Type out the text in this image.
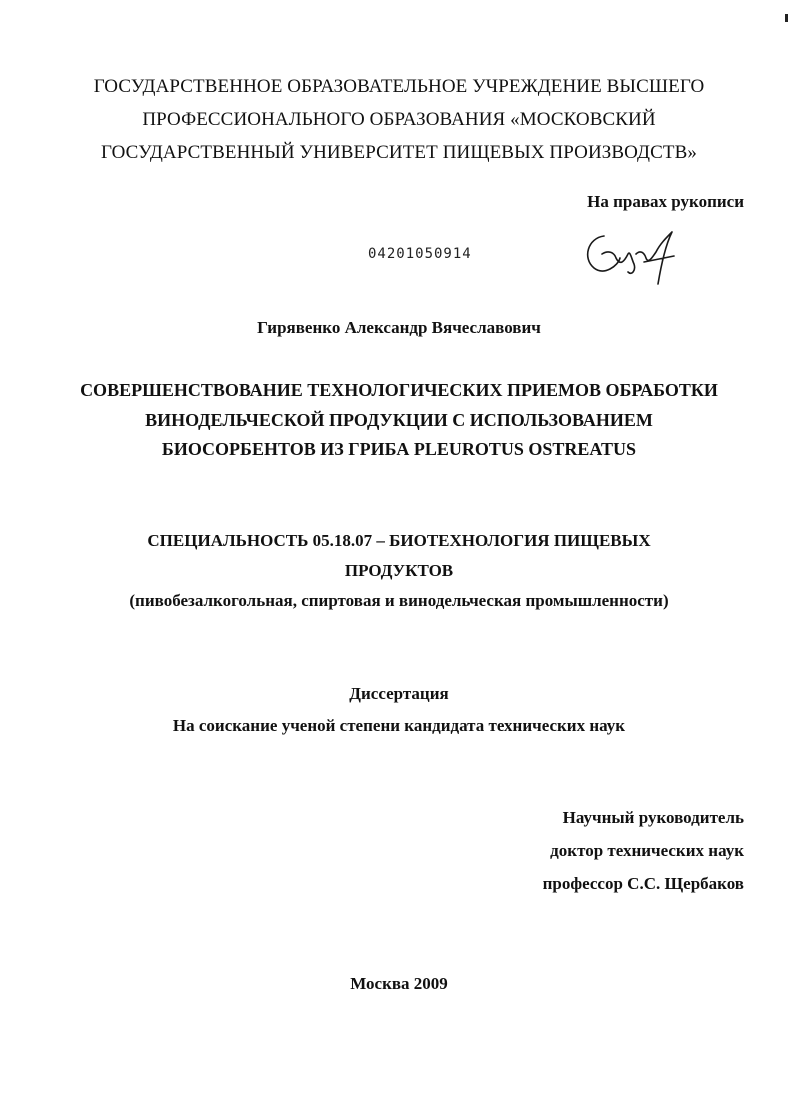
ГОСУДАРСТВЕННОЕ ОБРАЗОВАТЕЛЬНОЕ УЧРЕЖДЕНИЕ ВЫСШЕГО
ПРОФЕССИОНАЛЬНОГО ОБРАЗОВАНИЯ «МОСКОВСКИЙ
ГОСУДАРСТВЕННЫЙ УНИВЕРСИТЕТ ПИЩЕВЫХ ПРОИЗВОДСТВ»
На правах рукописи
04201050914
Гирявенко Александр Вячеславович
СОВЕРШЕНСТВОВАНИЕ ТЕХНОЛОГИЧЕСКИХ ПРИЕМОВ ОБРАБОТКИ
ВИНОДЕЛЬЧЕСКОЙ ПРОДУКЦИИ С ИСПОЛЬЗОВАНИЕМ
БИОСОРБЕНТОВ ИЗ ГРИБА PLEUROTUS OSTREATUS
СПЕЦИАЛЬНОСТЬ 05.18.07 – БИОТЕХНОЛОГИЯ ПИЩЕВЫХ
ПРОДУКТОВ
(пивобезалкогольная, спиртовая и винодельческая промышленности)
Диссертация
На соискание ученой степени кандидата технических наук
Научный руководитель
доктор технических наук
профессор С.С. Щербаков
Москва 2009
